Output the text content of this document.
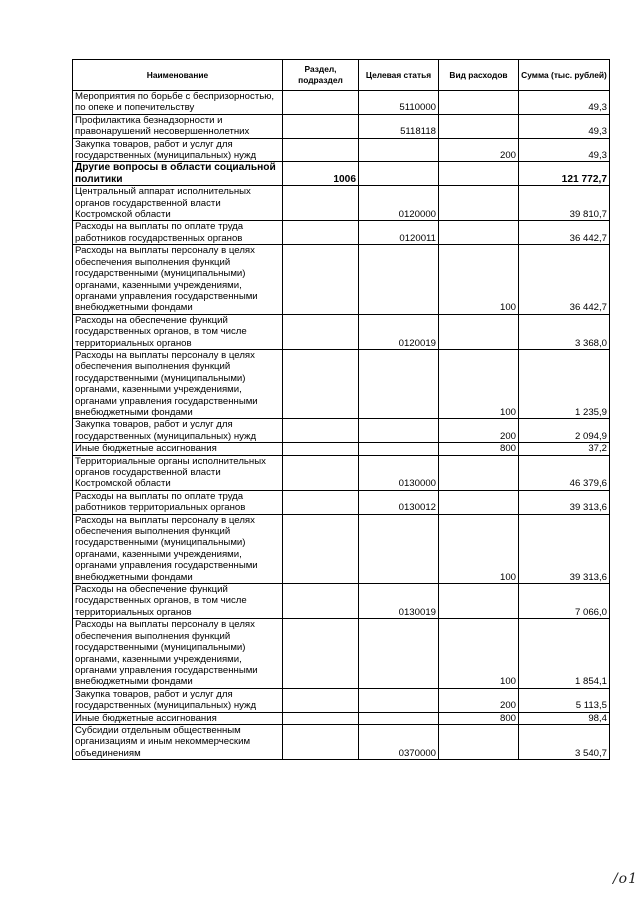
Наименование	Раздел, подраздел	Целевая статья	Вид расходов	Сумма (тыс. рублей)
Мероприятия по борьбе с беспризорностью, по опеке и попечительству		5110000		49,3
Профилактика безнадзорности и правонарушений несовершеннолетних		5118118		49,3
Закупка товаров, работ и услуг для государственных (муниципальных) нужд			200	49,3
Другие вопросы в области социальной политики	1006			121 772,7
Центральный аппарат исполнительных органов государственной власти Костромской области		0120000		39 810,7
Расходы на выплаты по оплате труда работников государственных органов		0120011		36 442,7
Расходы на выплаты персоналу в целях обеспечения выполнения функций государственными (муниципальными) органами, казенными учреждениями, органами управления государственными внебюджетными фондами			100	36 442,7
Расходы на обеспечение функций государственных органов, в том числе территориальных органов		0120019		3 368,0
Расходы на выплаты персоналу в целях обеспечения выполнения функций государственными (муниципальными) органами, казенными учреждениями, органами управления государственными внебюджетными фондами			100	1 235,9
Закупка товаров, работ и услуг для государственных (муниципальных) нужд			200	2 094,9
Иные бюджетные ассигнования			800	37,2
Территориальные органы исполнительных органов государственной власти Костромской области		0130000		46 379,6
Расходы на выплаты по оплате труда работников территориальных органов		0130012		39 313,6
Расходы на выплаты персоналу в целях обеспечения выполнения функций государственными (муниципальными) органами, казенными учреждениями, органами управления государственными внебюджетными фондами			100	39 313,6
Расходы на обеспечение функций государственных органов, в том числе территориальных органов		0130019		7 066,0
Расходы на выплаты персоналу в целях обеспечения выполнения функций государственными (муниципальными) органами, казенными учреждениями, органами управления государственными внебюджетными фондами			100	1 854,1
Закупка товаров, работ и услуг для государственных (муниципальных) нужд			200	5 113,5
Иные бюджетные ассигнования			800	98,4
Субсидии отдельным общественным организациям и иным некоммерческим объединениям		0370000		3 540,7
/о1
